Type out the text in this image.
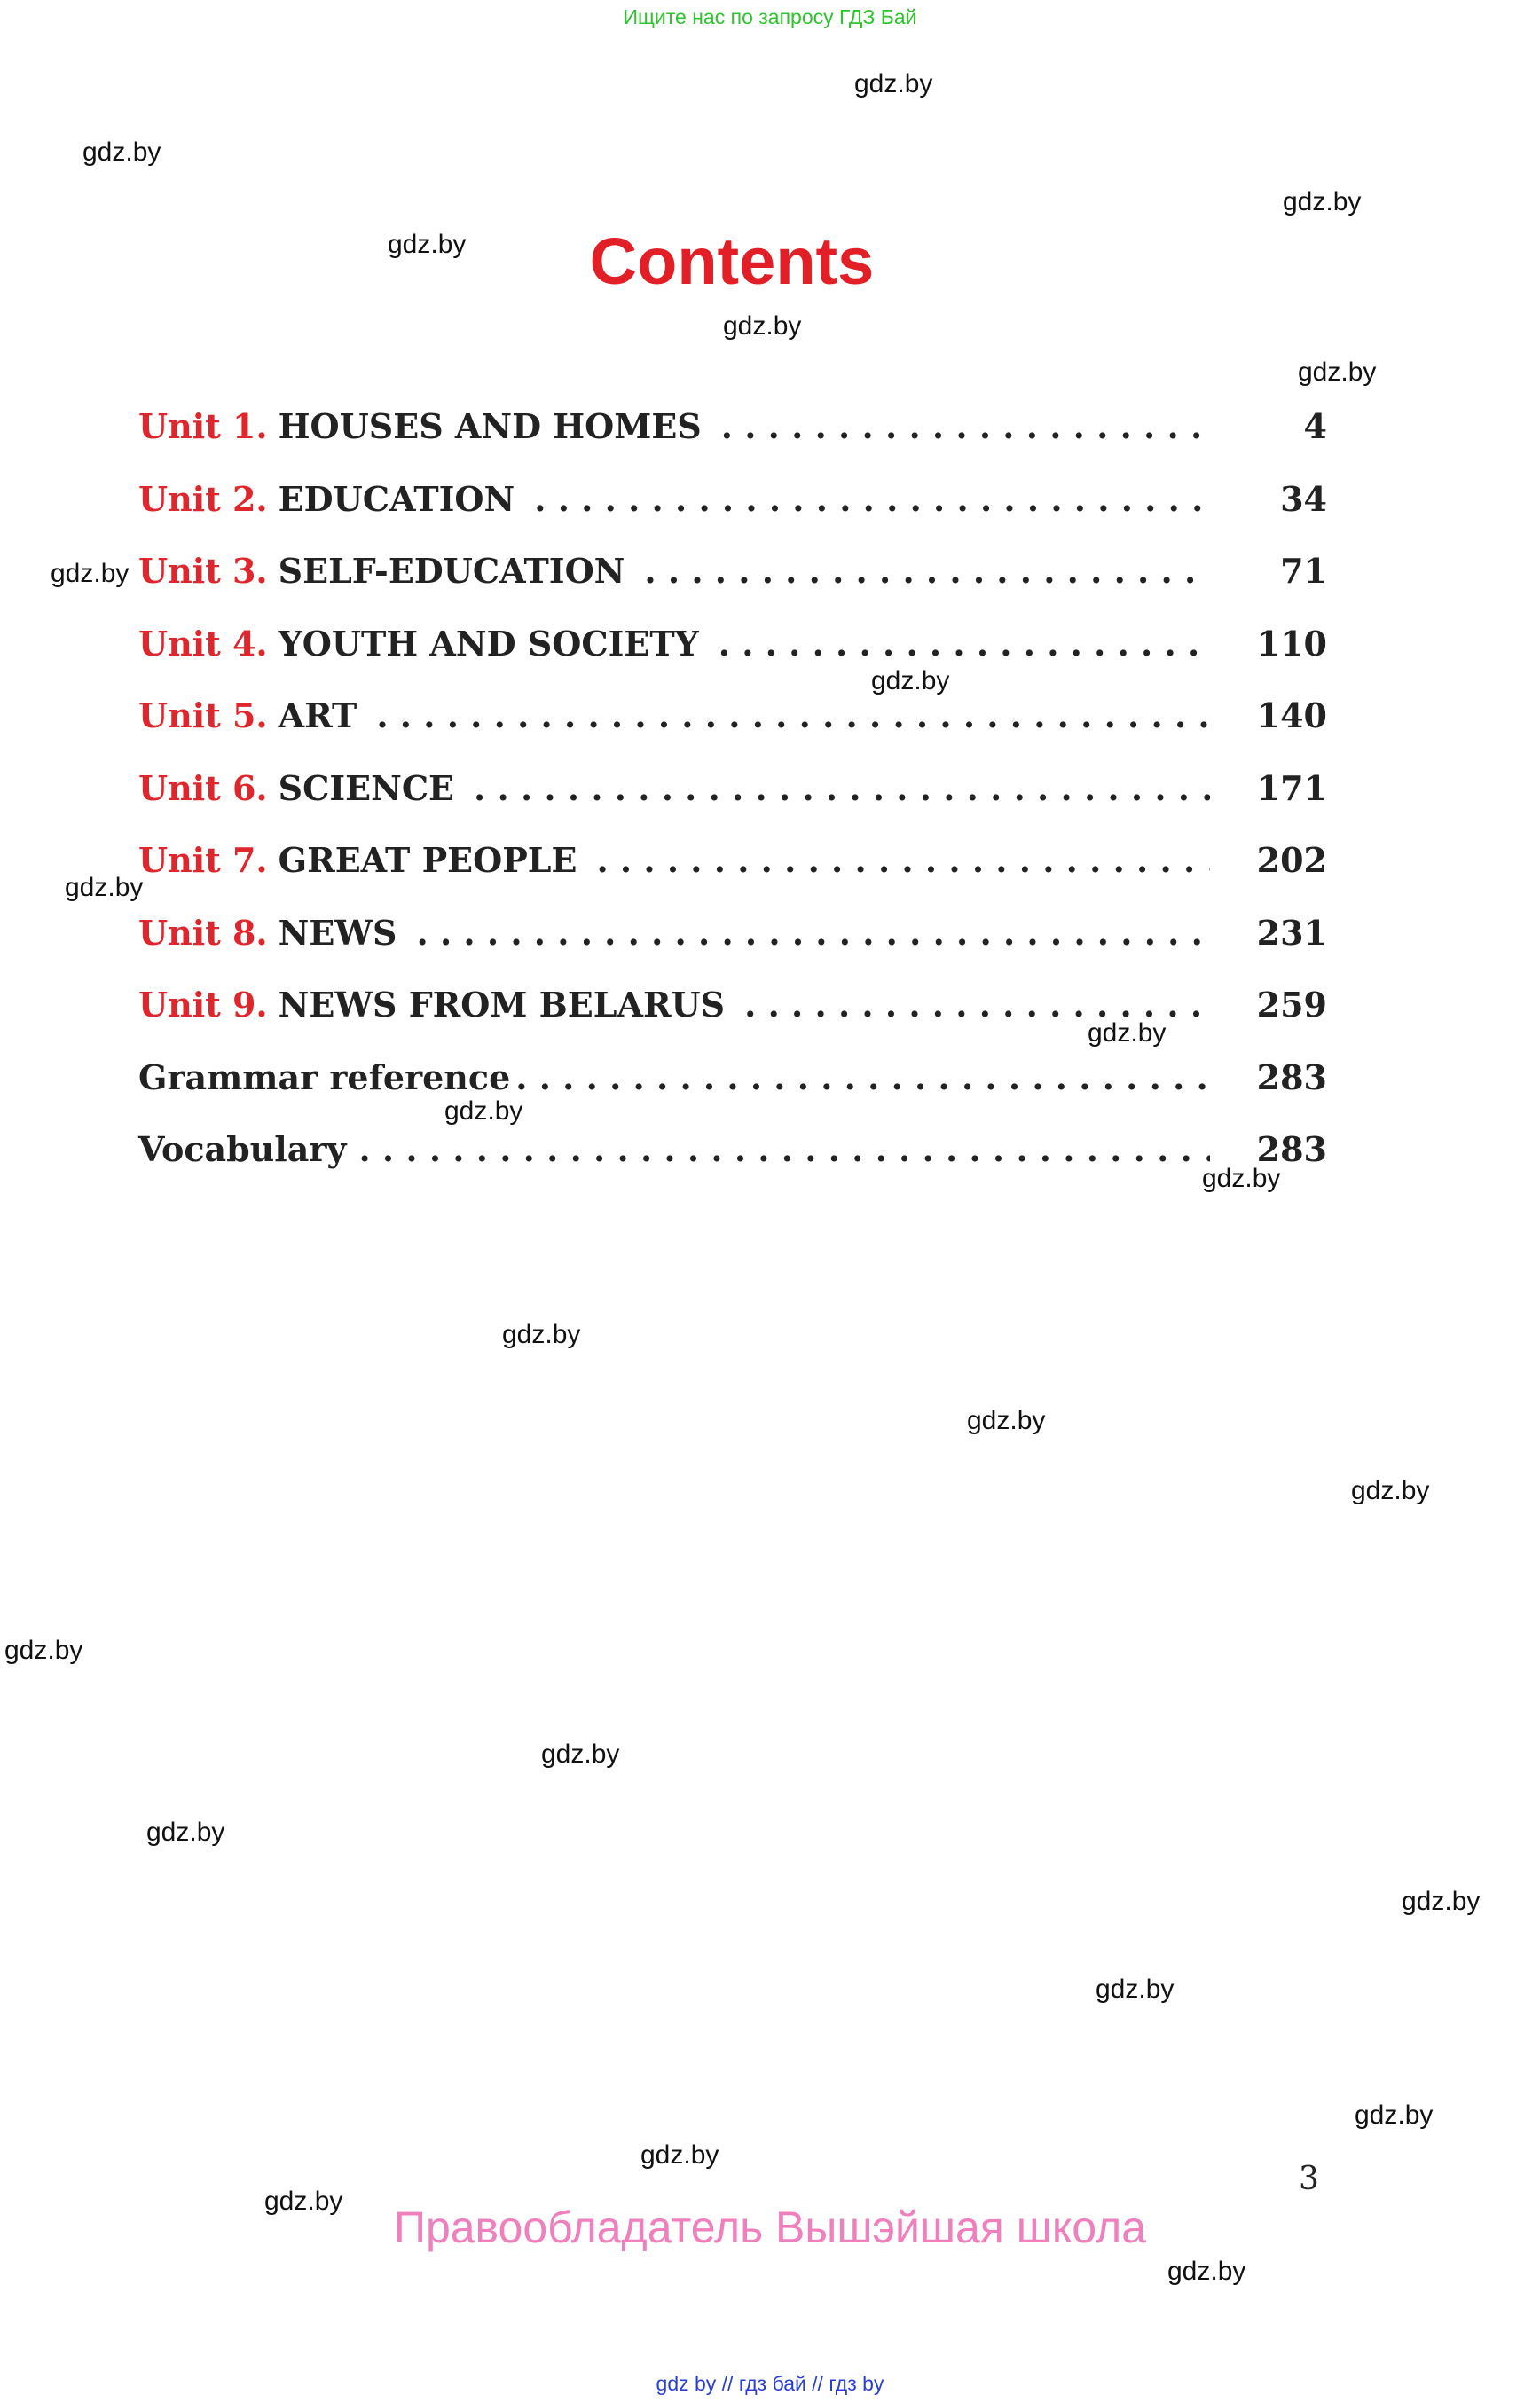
Ищите нас по запросу ГДЗ Бай
Contents
Unit 1. HOUSES AND HOMES . . .	4
Unit 2. EDUCATION . . .	34
Unit 3. SELF-EDUCATION . . .	71
Unit 4. YOUTH AND SOCIETY . . .	110
Unit 5. ART . . .	140
Unit 6. SCIENCE . . .	171
Unit 7. GREAT PEOPLE . . .	202
Unit 8. NEWS . . .	231
Unit 9. NEWS FROM BELARUS . . .	259
Grammar reference . . .	283
Vocabulary . . .	283
gdz.by
gdz.by
gdz.by
gdz.by
gdz.by
gdz.by
gdz.by
gdz.by
gdz.by
gdz.by
gdz.by
gdz.by
gdz.by
gdz.by
gdz.by
gdz.by
gdz.by
gdz.by
gdz.by
gdz.by
gdz.by
gdz.by
gdz.by
gdz.by
3
Правообладатель Вышэйшая школа
gdz by // гдз бай // гдз by
